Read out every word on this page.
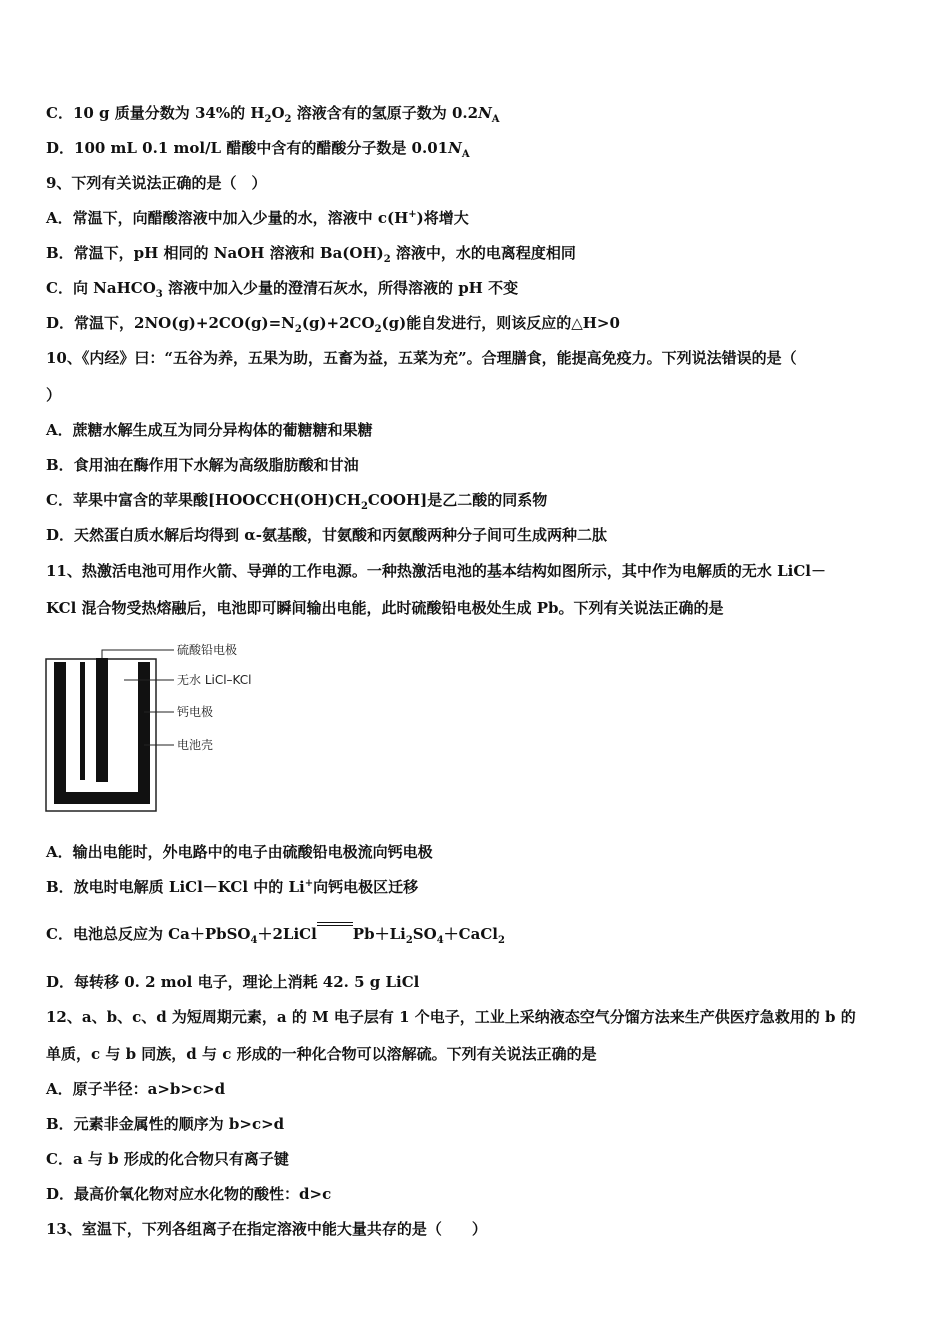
C．10 g 质量分数为 34%的 $H_2O_2$ 溶液含有的氢原子数为 $0.2N_A$
D．100 mL 0.1 mol/L 醋酸中含有的醋酸分子数是 $0.01N_A$
9、下列有关说法正确的是（　）
A．常温下，向醋酸溶液中加入少量的水，溶液中 c(H+)将增大
B．常温下，pH 相同的 NaOH 溶液和 $Ba(OH)_2$ 溶液中，水的电离程度相同
C．向 NaHCO$_3$ 溶液中加入少量的澄清石灰水，所得溶液的 pH 不变
D．常温下，$2NO(g)+2CO(g)=N_2(g)+2CO_2(g)$能自发进行，则该反应的△H>0
10、《内经》曰：“五谷为养，五果为助，五畜为益，五菜为充”。合理膳食，能提高免疫力。下列说法错误的是（
）
A．蔗糖水解生成互为同分异构体的葡糖糖和果糖
B．食用油在酶作用下水解为高级脂肪酸和甘油
C．苹果中富含的苹果酸$[HOOCCH(OH)CH_2COOH]$是乙二酸的同系物
D．天然蛋白质水解后均得到 α-氨基酸，甘氨酸和丙氨酸两种分子间可生成两种二肽
11、热激活电池可用作火箭、导弹的工作电源。一种热激活电池的基本结构如图所示，其中作为电解质的无水 LiCl－
KCl 混合物受热熔融后，电池即可瞬间输出电能，此时硫酸铅电极处生成 Pb。下列有关说法正确的是
硫酸铅电极
无水 LiCl–KCl
钙电极
电池壳
A．输出电能时，外电路中的电子由硫酸铅电极流向钙电极
B．放电时电解质 LiCl－KCl 中的 Li+向钙电极区迁移
C．电池总反应为 Ca＋PbSO$_4$＋2LiCl $Pb+Li_2SO_4+CaCl_2$
D．每转移 0. 2 mol 电子，理论上消耗 42. 5 g LiCl
12、a、b、c、d 为短周期元素，a 的 M 电子层有 1 个电子，工业上采纳液态空气分馏方法来生产供医疗急救用的 b 的
单质，c 与 b 同族，d 与 c 形成的一种化合物可以溶解硫。下列有关说法正确的是
A．原子半径：a>b>c>d
B．元素非金属性的顺序为 b>c>d
C．a 与 b 形成的化合物只有离子键
D．最高价氧化物对应水化物的酸性：d>c
13、室温下，下列各组离子在指定溶液中能大量共存的是（　　）
